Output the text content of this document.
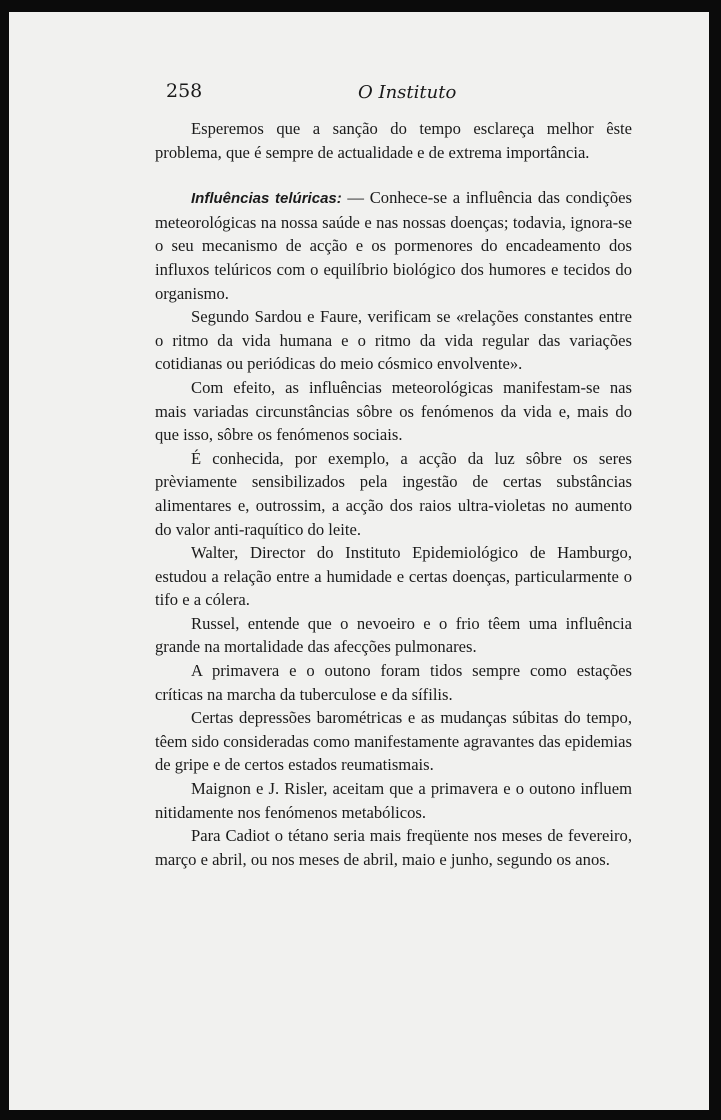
258	O Instituto

Esperemos que a sanção do tempo esclareça melhor êste problema, que é sempre de actualidade e de extrema importância.

Influências telúricas: — Conhece-se a influência das condições meteorológicas na nossa saúde e nas nossas doenças; todavia, ignora-se o seu mecanismo de acção e os pormenores do encadeamento dos influxos telúricos com o equilíbrio biológico dos humores e tecidos do organismo.

Segundo Sardou e Faure, verificam se «relações constantes entre o ritmo da vida humana e o ritmo da vida regular das variações cotidianas ou periódicas do meio cósmico envolvente».

Com efeito, as influências meteorológicas manifestam-se nas mais variadas circunstâncias sôbre os fenómenos da vida e, mais do que isso, sôbre os fenómenos sociais.

É conhecida, por exemplo, a acção da luz sôbre os seres prèviamente sensibilizados pela ingestão de certas substâncias alimentares e, outrossim, a acção dos raios ultra-violetas no aumento do valor anti-raquítico do leite.

Walter, Director do Instituto Epidemiológico de Hamburgo, estudou a relação entre a humidade e certas doenças, particularmente o tifo e a cólera.

Russel, entende que o nevoeiro e o frio têem uma influência grande na mortalidade das afecções pulmonares.

A primavera e o outono foram tidos sempre como estações críticas na marcha da tuberculose e da sífilis.

Certas depressões barométricas e as mudanças súbitas do tempo, têem sido consideradas como manifestamente agravantes das epidemias de gripe e de certos estados reumatismais.

Maignon e J. Risler, aceitam que a primavera e o outono influem nitidamente nos fenómenos metabólicos.

Para Cadiot o tétano seria mais freqüente nos meses de fevereiro, março e abril, ou nos meses de abril, maio e junho, segundo os anos.
